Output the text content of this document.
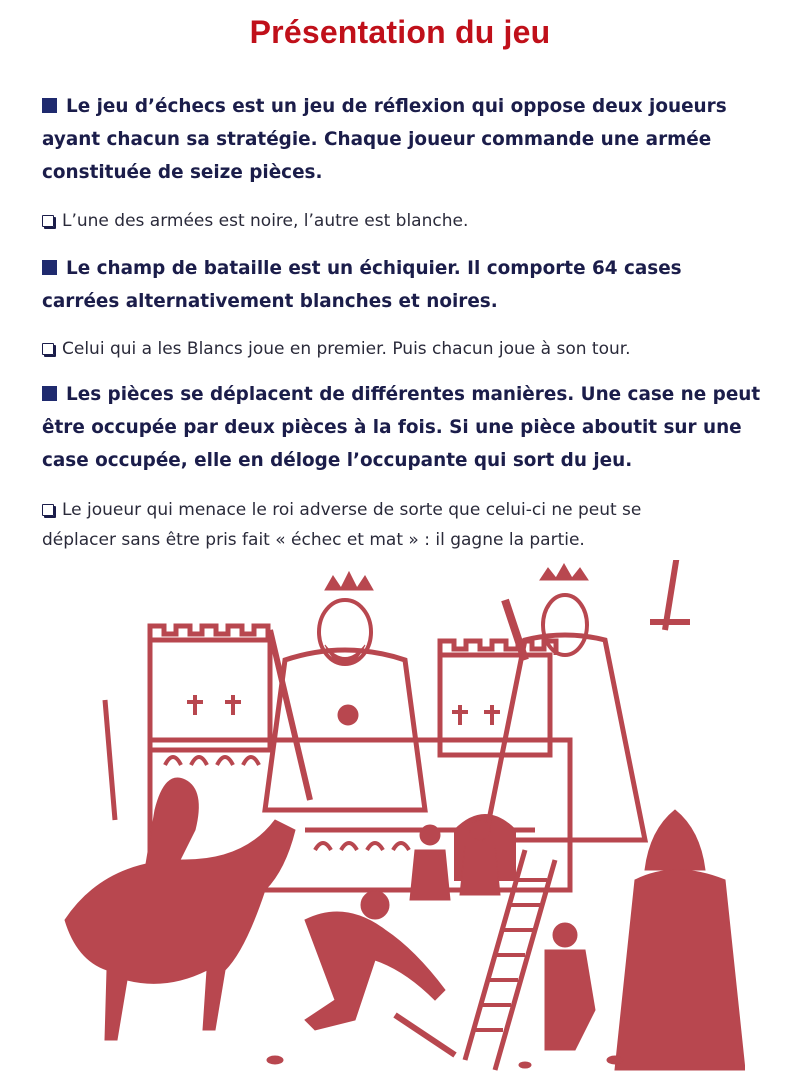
Présentation du jeu
Le jeu d’échecs est un jeu de réflexion qui oppose deux joueurs ayant chacun sa stratégie. Chaque joueur commande une armée constituée de seize pièces.
L’une des armées est noire, l’autre est blanche.
Le champ de bataille est un échiquier. Il comporte 64 cases carrées alternativement blanches et noires.
Celui qui a les Blancs joue en premier. Puis chacun joue à son tour.
Les pièces se déplacent de différentes manières. Une case ne peut être occupée par deux pièces à la fois. Si une pièce aboutit sur une case occupée, elle en déloge l’occupante qui sort du jeu.
Le joueur qui menace le roi adverse de sorte que celui-ci ne peut se déplacer sans être pris fait « échec et mat » : il gagne la partie.
